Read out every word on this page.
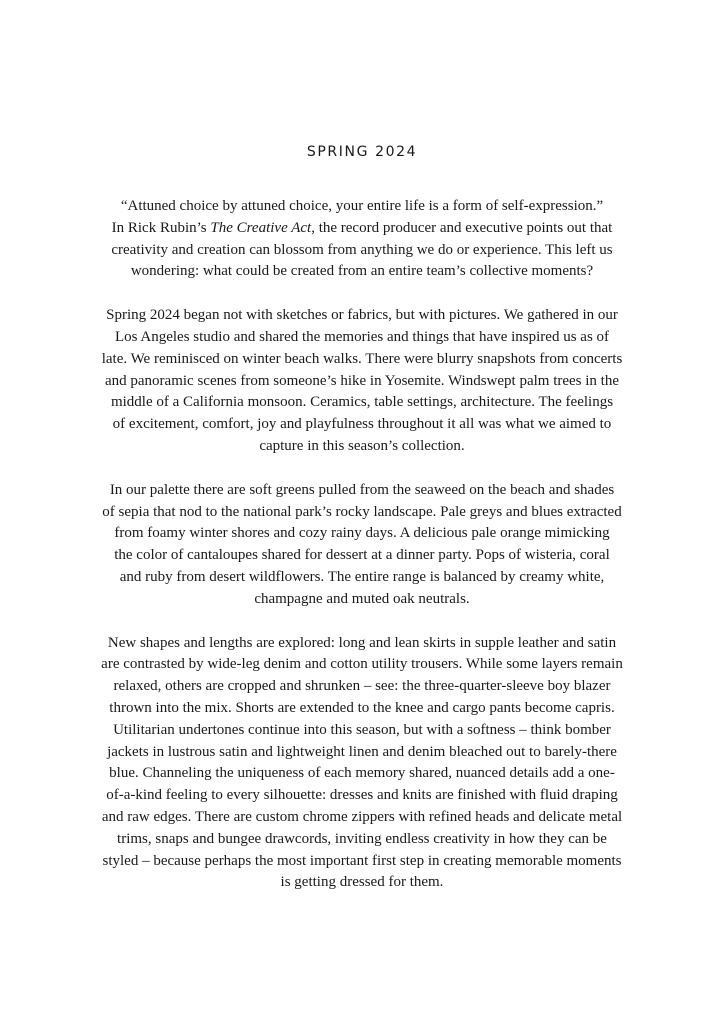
SPRING 2024

“Attuned choice by attuned choice, your entire life is a form of self-expression.”
In Rick Rubin’s The Creative Act, the record producer and executive points out that
creativity and creation can blossom from anything we do or experience. This left us
wondering: what could be created from an entire team’s collective moments?

Spring 2024 began not with sketches or fabrics, but with pictures. We gathered in our
Los Angeles studio and shared the memories and things that have inspired us as of
late. We reminisced on winter beach walks. There were blurry snapshots from concerts
and panoramic scenes from someone’s hike in Yosemite. Windswept palm trees in the
middle of a California monsoon. Ceramics, table settings, architecture. The feelings
of excitement, comfort, joy and playfulness throughout it all was what we aimed to
capture in this season’s collection.

In our palette there are soft greens pulled from the seaweed on the beach and shades
of sepia that nod to the national park’s rocky landscape. Pale greys and blues extracted
from foamy winter shores and cozy rainy days. A delicious pale orange mimicking
the color of cantaloupes shared for dessert at a dinner party. Pops of wisteria, coral
and ruby from desert wildflowers. The entire range is balanced by creamy white,
champagne and muted oak neutrals.

New shapes and lengths are explored: long and lean skirts in supple leather and satin
are contrasted by wide-leg denim and cotton utility trousers. While some layers remain
relaxed, others are cropped and shrunken – see: the three-quarter-sleeve boy blazer
thrown into the mix. Shorts are extended to the knee and cargo pants become capris.
Utilitarian undertones continue into this season, but with a softness – think bomber
jackets in lustrous satin and lightweight linen and denim bleached out to barely-there
blue. Channeling the uniqueness of each memory shared, nuanced details add a one-
of-a-kind feeling to every silhouette: dresses and knits are finished with fluid draping
and raw edges. There are custom chrome zippers with refined heads and delicate metal
trims, snaps and bungee drawcords, inviting endless creativity in how they can be
styled – because perhaps the most important first step in creating memorable moments
is getting dressed for them.
